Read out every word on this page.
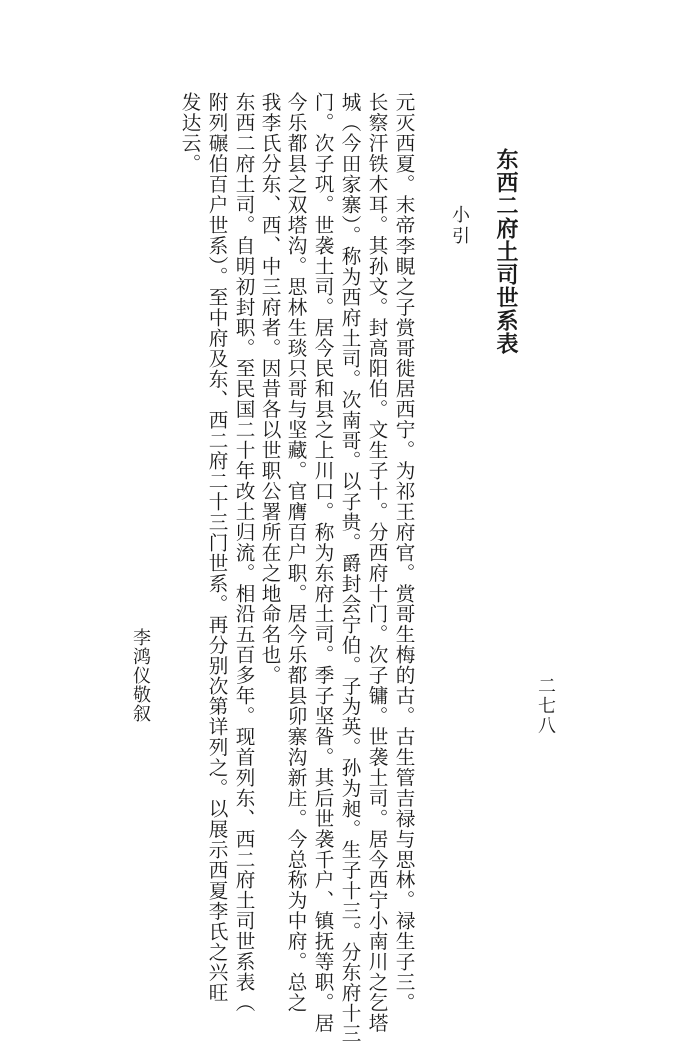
东西二府土司世系表
小引
二七八
元灭西夏。末帝李睍之子赏哥徙居西宁。为祁王府官。赏哥生梅的古。古生管吉禄与思林。禄生子三。
长察汗铁木耳。其孙文。封高阳伯。文生子十。分西府十门。次子镛。世袭土司。居今西宁小南川之乞塔
城（今田家寨）。称为西府土司。次南哥。以子贵。爵封会宁伯。子为英。孙为昶。生子十三。分东府十三
门。次子巩。世袭土司。居今民和县之上川口。称为东府土司。季子坚昝。其后世袭千户、镇抚等职。居
今乐都县之双塔沟。思林生琰只哥与坚藏。官膺百户职。居今乐都县卯寨沟新庄。今总称为中府。总之
我李氏分东、西、中三府者。因昔各以世职公署所在之地命名也。
东西二府土司。自明初封职。至民国二十年改土归流。相沿五百多年。现首列东、西二府土司世系表（
附列碾伯百户世系）。至中府及东、西二府二十三门世系。再分别次第详列之。以展示西夏李氏之兴旺
发达云。
李鸿仪敬叙
